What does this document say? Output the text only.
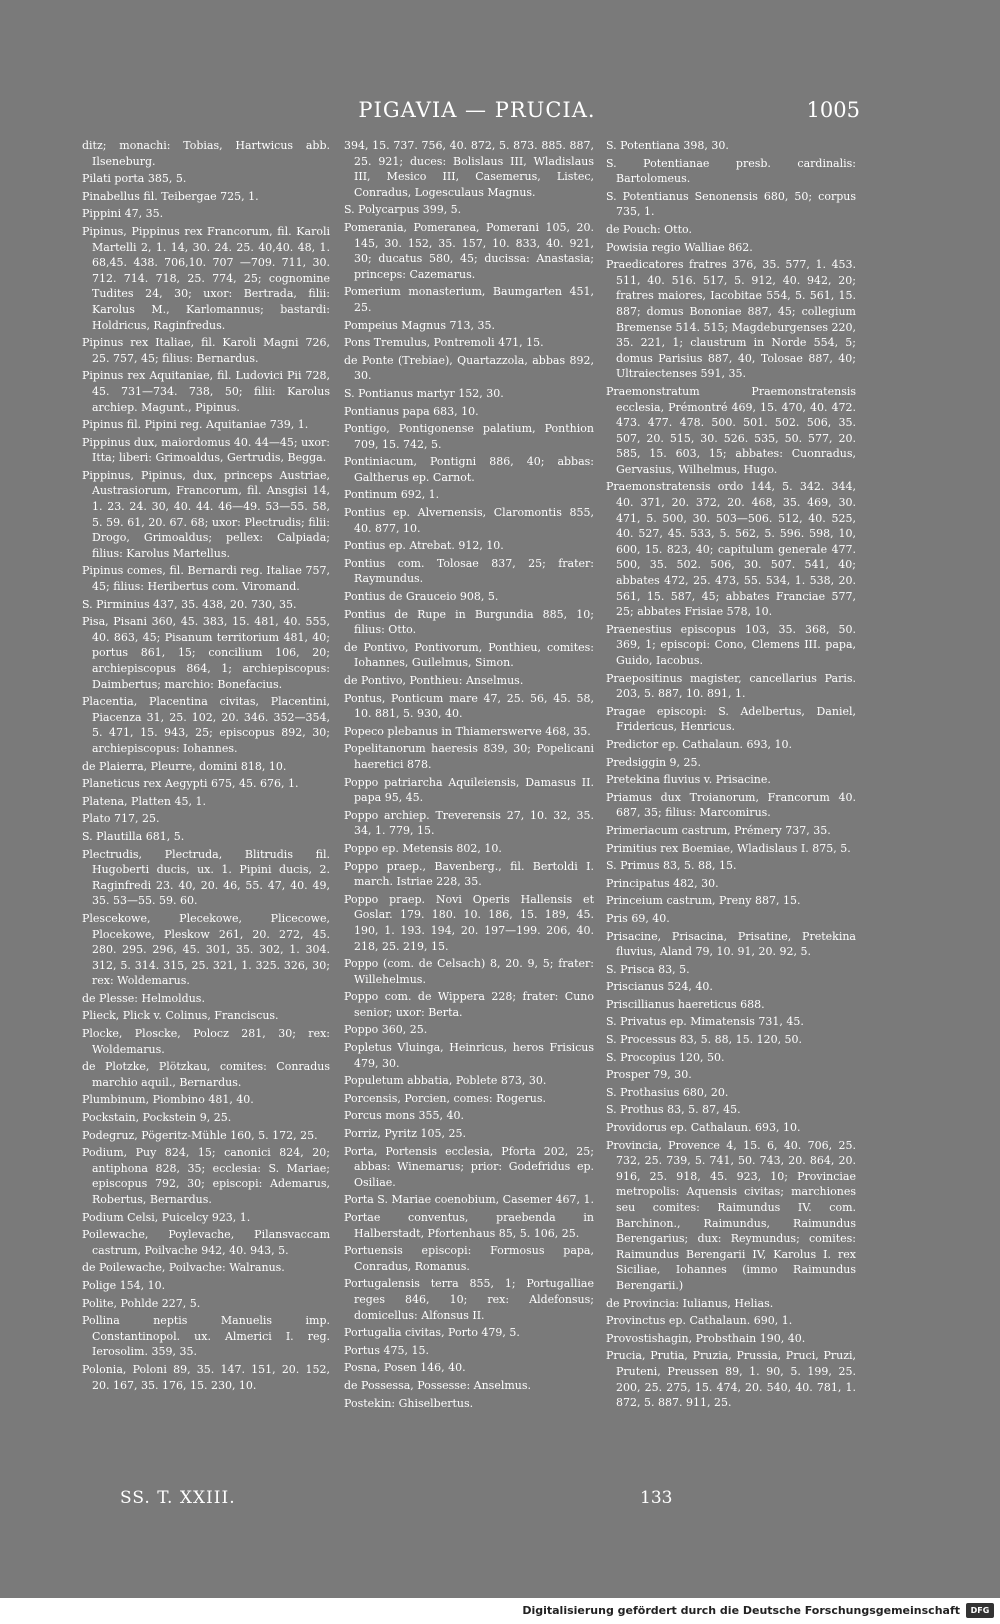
PIGAVIA — PRUCIA.	1005

ditz; monachi: Tobias, Hartwicus abb. Ilseneburg.

Pilati porta 385, 5.

Pinabellus fil. Teibergae 725, 1.

Pippini 47, 35.

Pipinus, Pippinus rex Francorum, fil. Karoli Martelli 2, 1. 14, 30. 24. 25. 40,40. 48, 1. 68,45. 438. 706,10. 707 —709. 711, 30. 712. 714. 718, 25. 774, 25; cognomine Tudites 24, 30; uxor: Bertrada, filii: Karolus M., Karlomannus; bastardi: Holdricus, Raginfredus.

Pipinus rex Italiae, fil. Karoli Magni 726, 25. 757, 45; filius: Bernardus.

Pipinus rex Aquitaniae, fil. Ludovici Pii 728, 45. 731—734. 738, 50; filii: Karolus archiep. Magunt., Pipinus.

Pipinus fil. Pipini reg. Aquitaniae 739, 1.

Pippinus dux, maiordomus 40. 44—45; uxor: Itta; liberi: Grimoaldus, Gertrudis, Begga.

Pippinus, Pipinus, dux, princeps Austriae, Austrasiorum, Francorum, fil. Ansgisi 14, 1. 23. 24. 30, 40. 44. 46—49. 53—55. 58, 5. 59. 61, 20. 67. 68; uxor: Plectrudis; filii: Drogo, Grimoaldus; pellex: Calpiada; filius: Karolus Martellus.

Pipinus comes, fil. Bernardi reg. Italiae 757, 45; filius: Heribertus com. Viromand.

S. Pirminius 437, 35. 438, 20. 730, 35.

Pisa, Pisani 360, 45. 383, 15. 481, 40. 555, 40. 863, 45; Pisanum territorium 481, 40; portus 861, 15; concilium 106, 20; archiepiscopus 864, 1; archiepiscopus: Daimbertus; marchio: Bonefacius.

Placentia, Placentina civitas, Placentini, Piacenza 31, 25. 102, 20. 346. 352—354, 5. 471, 15. 943, 25; episcopus 892, 30; archiepiscopus: Iohannes.

de Plaierra, Pleurre, domini 818, 10.

Planeticus rex Aegypti 675, 45. 676, 1.

Platena, Platten 45, 1.

Plato 717, 25.

S. Plautilla 681, 5.

Plectrudis, Plectruda, Blitrudis fil. Hugoberti ducis, ux. 1. Pipini ducis, 2. Raginfredi 23. 40, 20. 46, 55. 47, 40. 49, 35. 53—55. 59. 60.

Plescekowe, Plecekowe, Plicecowe, Plocekowe, Pleskow 261, 20. 272, 45. 280. 295. 296, 45. 301, 35. 302, 1. 304. 312, 5. 314. 315, 25. 321, 1. 325. 326, 30; rex: Woldemarus.

de Plesse: Helmoldus.

Plieck, Plick v. Colinus, Franciscus.

Plocke, Ploscke, Polocz 281, 30; rex: Woldemarus.

de Plotzke, Plötzkau, comites: Conradus marchio aquil., Bernardus.

Plumbinum, Piombino 481, 40.

Pockstain, Pockstein 9, 25.

Podegruz, Pögeritz-Mühle 160, 5. 172, 25.

Podium, Puy 824, 15; canonici 824, 20; antiphona 828, 35; ecclesia: S. Mariae; episcopus 792, 30; episcopi: Ademarus, Robertus, Bernardus.

Podium Celsi, Puicelcy 923, 1.

Poilewache, Poylevache, Pilansvaccam castrum, Poilvache 942, 40. 943, 5.

de Poilewache, Poilvache: Walranus.

Polige 154, 10.

Polite, Pohlde 227, 5.

Pollina neptis Manuelis imp. Constantinopol. ux. Almerici I. reg. Ierosolim. 359, 35.

Polonia, Poloni 89, 35. 147. 151, 20. 152, 20. 167, 35. 176, 15. 230, 10.

394, 15. 737. 756, 40. 872, 5. 873. 885. 887, 25. 921; duces: Bolislaus III, Wladislaus III, Mesico III, Casemerus, Listec, Conradus, Logesculaus Magnus.

S. Polycarpus 399, 5.

Pomerania, Pomeranea, Pomerani 105, 20. 145, 30. 152, 35. 157, 10. 833, 40. 921, 30; ducatus 580, 45; ducissa: Anastasia; princeps: Cazemarus.

Pomerium monasterium, Baumgarten 451, 25.

Pompeius Magnus 713, 35.

Pons Tremulus, Pontremoli 471, 15.

de Ponte (Trebiae), Quartazzola, abbas 892, 30.

S. Pontianus martyr 152, 30.

Pontianus papa 683, 10.

Pontigo, Pontigonense palatium, Ponthion 709, 15. 742, 5.

Pontiniacum, Pontigni 886, 40; abbas: Galtherus ep. Carnot.

Pontinum 692, 1.

Pontius ep. Alvernensis, Claromontis 855, 40. 877, 10.

Pontius ep. Atrebat. 912, 10.

Pontius com. Tolosae 837, 25; frater: Raymundus.

Pontius de Grauceio 908, 5.

Pontius de Rupe in Burgundia 885, 10; filius: Otto.

de Pontivo, Pontivorum, Ponthieu, comites: Iohannes, Guilelmus, Simon.

de Pontivo, Ponthieu: Anselmus.

Pontus, Ponticum mare 47, 25. 56, 45. 58, 10. 881, 5. 930, 40.

Popeco plebanus in Thiamerswerve 468, 35.

Popelitanorum haeresis 839, 30; Popelicani haeretici 878.

Poppo patriarcha Aquileiensis, Damasus II. papa 95, 45.

Poppo archiep. Treverensis 27, 10. 32, 35. 34, 1. 779, 15.

Poppo ep. Metensis 802, 10.

Poppo praep., Bavenberg., fil. Bertoldi I. march. Istriae 228, 35.

Poppo praep. Novi Operis Hallensis et Goslar. 179. 180. 10. 186, 15. 189, 45. 190, 1. 193. 194, 20. 197—199. 206, 40. 218, 25. 219, 15.

Poppo (com. de Celsach) 8, 20. 9, 5; frater: Willehelmus.

Poppo com. de Wippera 228; frater: Cuno senior; uxor: Berta.

Poppo 360, 25.

Popletus Vluinga, Heinricus, heros Frisicus 479, 30.

Populetum abbatia, Poblete 873, 30.

Porcensis, Porcien, comes: Rogerus.

Porcus mons 355, 40.

Porriz, Pyritz 105, 25.

Porta, Portensis ecclesia, Pforta 202, 25; abbas: Winemarus; prior: Godefridus ep. Osiliae.

Porta S. Mariae coenobium, Casemer 467, 1.

Portae conventus, praebenda in Halberstadt, Pfortenhaus 85, 5. 106, 25.

Portuensis episcopi: Formosus papa, Conradus, Romanus.

Portugalensis terra 855, 1; Portugalliae reges 846, 10; rex: Aldefonsus; domicellus: Alfonsus II.

Portugalia civitas, Porto 479, 5.

Portus 475, 15.

Posna, Posen 146, 40.

de Possessa, Possesse: Anselmus.

Postekin: Ghiselbertus.

S. Potentiana 398, 30.

S. Potentianae presb. cardinalis: Bartolomeus.

S. Potentianus Senonensis 680, 50; corpus 735, 1.

de Pouch: Otto.

Powisia regio Walliae 862.

Praedicatores fratres 376, 35. 577, 1. 453. 511, 40. 516. 517, 5. 912, 40. 942, 20; fratres maiores, Iacobitae 554, 5. 561, 15. 887; domus Bononiae 887, 45; collegium Bremense 514. 515; Magdeburgenses 220, 35. 221, 1; claustrum in Norde 554, 5; domus Parisius 887, 40, Tolosae 887, 40; Ultraiectenses 591, 35.

Praemonstratum Praemonstratensis ecclesia, Prémontré 469, 15. 470, 40. 472. 473. 477. 478. 500. 501. 502. 506, 35. 507, 20. 515, 30. 526. 535, 50. 577, 20. 585, 15. 603, 15; abbates: Cuonradus, Gervasius, Wilhelmus, Hugo.

Praemonstratensis ordo 144, 5. 342. 344, 40. 371, 20. 372, 20. 468, 35. 469, 30. 471, 5. 500, 30. 503—506. 512, 40. 525, 40. 527, 45. 533, 5. 562, 5. 596. 598, 10, 600, 15. 823, 40; capitulum generale 477. 500, 35. 502. 506, 30. 507. 541, 40; abbates 472, 25. 473, 55. 534, 1. 538, 20. 561, 15. 587, 45; abbates Franciae 577, 25; abbates Frisiae 578, 10.

Praenestius episcopus 103, 35. 368, 50. 369, 1; episcopi: Cono, Clemens III. papa, Guido, Iacobus.

Praepositinus magister, cancellarius Paris. 203, 5. 887, 10. 891, 1.

Pragae episcopi: S. Adelbertus, Daniel, Fridericus, Henricus.

Predictor ep. Cathalaun. 693, 10.

Predsiggin 9, 25.

Pretekina fluvius v. Prisacine.

Priamus dux Troianorum, Francorum 40. 687, 35; filius: Marcomirus.

Primeriacum castrum, Prémery 737, 35.

Primitius rex Boemiae, Wladislaus I. 875, 5.

S. Primus 83, 5. 88, 15.

Principatus 482, 30.

Princeium castrum, Preny 887, 15.

Pris 69, 40.

Prisacine, Prisacina, Prisatine, Pretekina fluvius, Aland 79, 10. 91, 20. 92, 5.

S. Prisca 83, 5.

Priscianus 524, 40.

Priscillianus haereticus 688.

S. Privatus ep. Mimatensis 731, 45.

S. Processus 83, 5. 88, 15. 120, 50.

S. Procopius 120, 50.

Prosper 79, 30.

S. Prothasius 680, 20.

S. Prothus 83, 5. 87, 45.

Providorus ep. Cathalaun. 693, 10.

Provincia, Provence 4, 15. 6, 40. 706, 25. 732, 25. 739, 5. 741, 50. 743, 20. 864, 20. 916, 25. 918, 45. 923, 10; Provinciae metropolis: Aquensis civitas; marchiones seu comites: Raimundus IV. com. Barchinon., Raimundus, Raimundus Berengarius; dux: Reymundus; comites: Raimundus Berengarii IV, Karolus I. rex Siciliae, Iohannes (immo Raimundus Berengarii.)

de Provincia: Iulianus, Helias.

Provinctus ep. Cathalaun. 690, 1.

Provostishagin, Probsthain 190, 40.

Prucia, Prutia, Pruzia, Prussia, Pruci, Pruzi, Pruteni, Preussen 89, 1. 90, 5. 199, 25. 200, 25. 275, 15. 474, 20. 540, 40. 781, 1. 872, 5. 887. 911, 25.

SS. T. XXIII.	133
Digitalisierung gefördert durch die Deutsche Forschungsgemeinschaft	DFG
